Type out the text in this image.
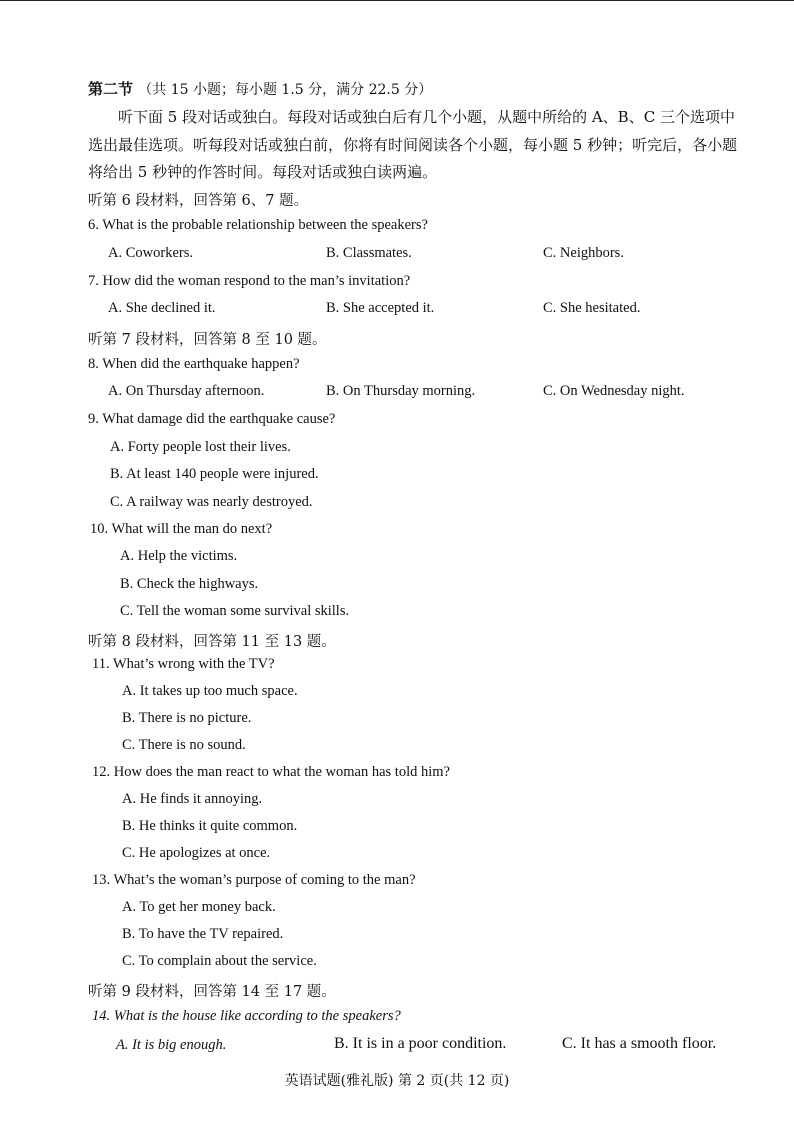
第二节 （共 15 小题；每小题 1.5 分，满分 22.5 分）
听下面 5 段对话或独白。每段对话或独白后有几个小题，从题中所给的 A、B、C 三个选项中
选出最佳选项。听每段对话或独白前，你将有时间阅读各个小题，每小题 5 秒钟；听完后，各小题
将给出 5 秒钟的作答时间。每段对话或独白读两遍。
听第 6 段材料，回答第 6、7 题。
6. What is the probable relationship between the speakers?
A. Coworkers.	B. Classmates.	C. Neighbors.
7. How did the woman respond to the man’s invitation?
A. She declined it.	B. She accepted it.	C. She hesitated.
听第 7 段材料，回答第 8 至 10 题。
8. When did the earthquake happen?
A. On Thursday afternoon.	B. On Thursday morning.	C. On Wednesday night.
9. What damage did the earthquake cause?
A. Forty people lost their lives.
B. At least 140 people were injured.
C. A railway was nearly destroyed.
10. What will the man do next?
A. Help the victims.
B. Check the highways.
C. Tell the woman some survival skills.
听第 8 段材料，回答第 11 至 13 题。
11. What’s wrong with the TV?
A. It takes up too much space.
B. There is no picture.
C. There is no sound.
12. How does the man react to what the woman has told him?
A. He finds it annoying.
B. He thinks it quite common.
C. He apologizes at once.
13. What’s the woman’s purpose of coming to the man?
A. To get her money back.
B. To have the TV repaired.
C. To complain about the service.
听第 9 段材料，回答第 14 至 17 题。
14. What is the house like according to the speakers?
A. It is big enough.	B. It is in a poor condition.	C. It has a smooth floor.
英语试题(雅礼版) 第 2 页(共 12 页)
